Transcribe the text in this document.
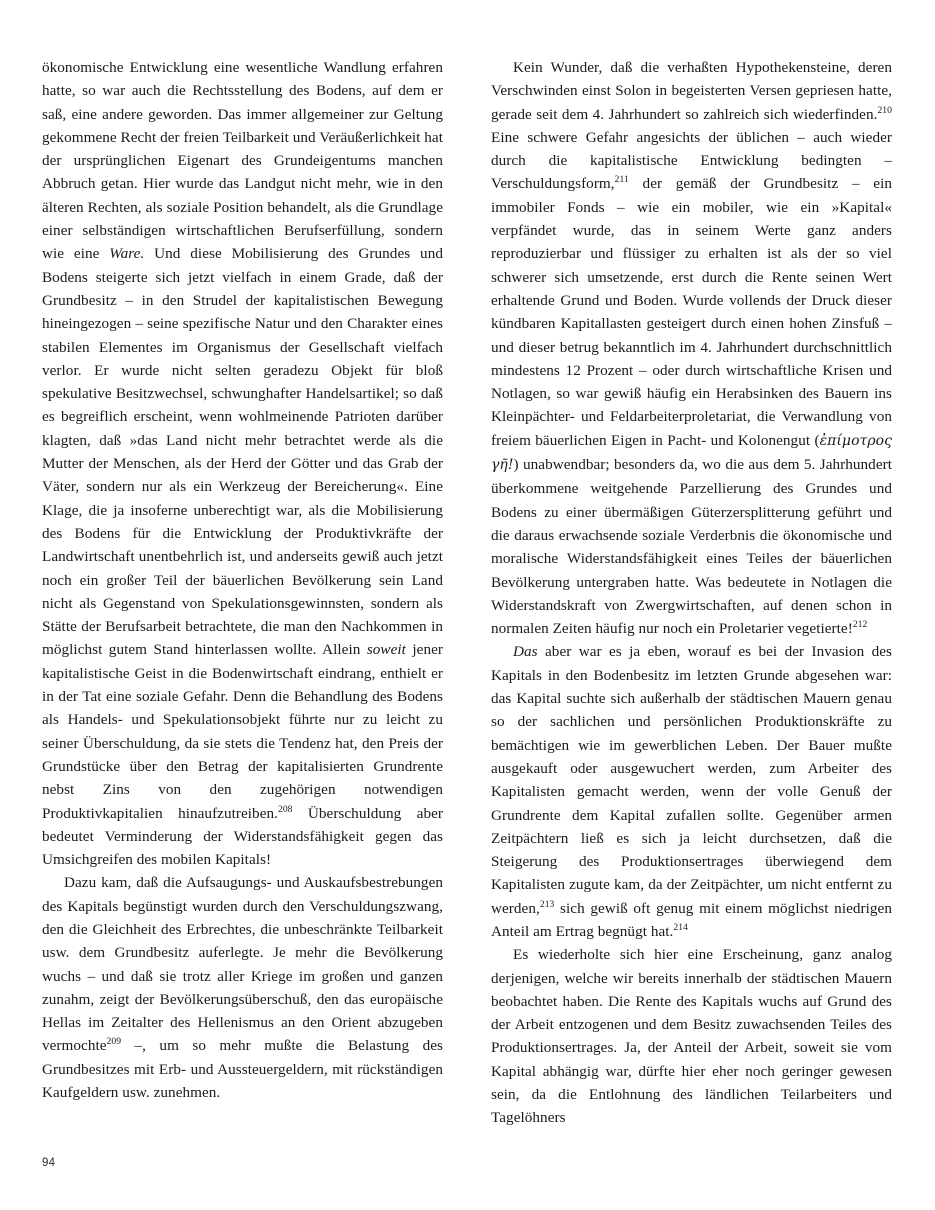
ökonomische Entwicklung eine wesentliche Wandlung erfahren hatte, so war auch die Rechtsstellung des Bodens, auf dem er saß, eine andere geworden. Das immer allgemeiner zur Geltung gekommene Recht der freien Teilbarkeit und Veräußerlichkeit hat der ursprünglichen Eigenart des Grundeigentums manchen Abbruch getan. Hier wurde das Landgut nicht mehr, wie in den älteren Rechten, als soziale Position behandelt, als die Grundlage einer selbständigen wirtschaftlichen Berufserfüllung, sondern wie eine Ware. Und diese Mobilisierung des Grundes und Bodens steigerte sich jetzt vielfach in einem Grade, daß der Grundbesitz – in den Strudel der kapitalistischen Bewegung hineingezogen – seine spezifische Natur und den Charakter eines stabilen Elementes im Organismus der Gesellschaft vielfach verlor. Er wurde nicht selten geradezu Objekt für bloß spekulative Besitzwechsel, schwunghafter Handelsartikel; so daß es begreiflich erscheint, wenn wohlmeinende Patrioten darüber klagten, daß »das Land nicht mehr betrachtet werde als die Mutter der Menschen, als der Herd der Götter und das Grab der Väter, sondern nur als ein Werkzeug der Bereicherung«. Eine Klage, die ja insoferne unberechtigt war, als die Mobilisierung des Bodens für die Entwicklung der Produktivkräfte der Landwirtschaft unentbehrlich ist, und anderseits gewiß auch jetzt noch ein großer Teil der bäuerlichen Bevölkerung sein Land nicht als Gegenstand von Spekulationsgewinnsten, sondern als Stätte der Berufsarbeit betrachtete, die man den Nachkommen in möglichst gutem Stand hinterlassen wollte. Allein soweit jener kapitalistische Geist in die Bodenwirtschaft eindrang, enthielt er in der Tat eine soziale Gefahr. Denn die Behandlung des Bodens als Handels- und Spekulationsobjekt führte nur zu leicht zu seiner Überschuldung, da sie stets die Tendenz hat, den Preis der Grundstücke über den Betrag der kapitalisierten Grundrente nebst Zins von den zugehörigen notwendigen Produktivkapitalien hinaufzutreiben.$^{208}$ Überschuldung aber bedeutet Verminderung der Widerstandsfähigkeit gegen das Umsichgreifen des mobilen Kapitals!

Dazu kam, daß die Aufsaugungs- und Auskaufsbestrebungen des Kapitals begünstigt wurden durch den Verschuldungszwang, den die Gleichheit des Erbrechtes, die unbeschränkte Teilbarkeit usw. dem Grundbesitz auferlegte. Je mehr die Bevölkerung wuchs – und daß sie trotz aller Kriege im großen und ganzen zunahm, zeigt der Bevölkerungsüberschuß, den das europäische Hellas im Zeitalter des Hellenismus an den Orient abzugeben vermochte$^{209}$ –, um so mehr mußte die Belastung des Grundbesitzes mit Erb- und Aussteuergeldern, mit rückständigen Kaufgeldern usw. zunehmen.

Kein Wunder, daß die verhaßten Hypothekensteine, deren Verschwinden einst Solon in begeisterten Versen gepriesen hatte, gerade seit dem 4. Jahrhundert so zahlreich sich wiederfinden.$^{210}$ Eine schwere Gefahr angesichts der üblichen – auch wieder durch die kapitalistische Entwicklung bedingten – Verschuldungsform,$^{211}$ der gemäß der Grundbesitz – ein immobiler Fonds – wie ein mobiler, wie ein »Kapital« verpfändet wurde, das in seinem Werte ganz anders reproduzierbar und flüssiger zu erhalten ist als der so viel schwerer sich umsetzende, erst durch die Rente seinen Wert erhaltende Grund und Boden. Wurde vollends der Druck dieser kündbaren Kapitallasten gesteigert durch einen hohen Zinsfuß – und dieser betrug bekanntlich im 4. Jahrhundert durchschnittlich mindestens 12 Prozent – oder durch wirtschaftliche Krisen und Notlagen, so war gewiß häufig ein Herabsinken des Bauern ins Kleinpächter- und Feldarbeiterproletariat, die Verwandlung von freiem bäuerlichen Eigen in Pacht- und Kolonengut (ἐπίμοτρος γῆ!) unabwendbar; besonders da, wo die aus dem 5. Jahrhundert überkommene weitgehende Parzellierung des Grundes und Bodens zu einer übermäßigen Güterzersplitterung geführt und die daraus erwachsende soziale Verderbnis die ökonomische und moralische Widerstandsfähigkeit eines Teiles der bäuerlichen Bevölkerung untergraben hatte. Was bedeutete in Notlagen die Widerstandskraft von Zwergwirtschaften, auf denen schon in normalen Zeiten häufig nur noch ein Proletarier vegetierte!$^{212}$

Das aber war es ja eben, worauf es bei der Invasion des Kapitals in den Bodenbesitz im letzten Grunde abgesehen war: das Kapital suchte sich außerhalb der städtischen Mauern genau so der sachlichen und persönlichen Produktionskräfte zu bemächtigen wie im gewerblichen Leben. Der Bauer mußte ausgekauft oder ausgewuchert werden, zum Arbeiter des Kapitalisten gemacht werden, wenn der volle Genuß der Grundrente dem Kapital zufallen sollte. Gegenüber armen Zeitpächtern ließ es sich ja leicht durchsetzen, daß die Steigerung des Produktionsertrages überwiegend dem Kapitalisten zugute kam, da der Zeitpächter, um nicht entfernt zu werden,$^{213}$ sich gewiß oft genug mit einem möglichst niedrigen Anteil am Ertrag begnügt hat.$^{214}$

Es wiederholte sich hier eine Erscheinung, ganz analog derjenigen, welche wir bereits innerhalb der städtischen Mauern beobachtet haben. Die Rente des Kapitals wuchs auf Grund des der Arbeit entzogenen und dem Besitz zuwachsenden Teiles des Produktionsertrages. Ja, der Anteil der Arbeit, soweit sie vom Kapital abhängig war, dürfte hier eher noch geringer gewesen sein, da die Entlohnung des ländlichen Teilarbeiters und Tagelöhners

94
